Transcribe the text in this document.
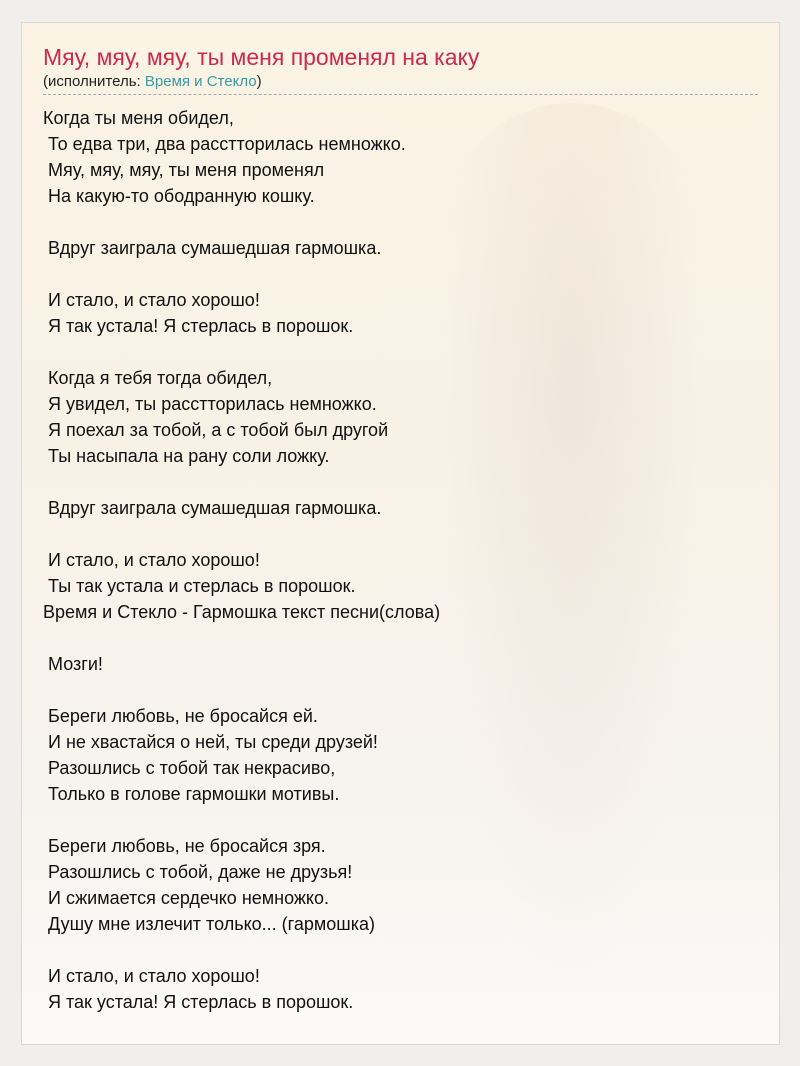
Мяу, мяу, мяу, ты меня променял на каку
(исполнитель: Время и Стекло)
Когда ты меня обидел,
То едва три, два расстторилась немножко.
Мяу, мяу, мяу, ты меня променял
На какую-то ободранную кошку.
Вдруг заиграла сумашедшая гармошка.
И стало, и стало хорошо!
Я так устала! Я стерлась в порошок.
Когда я тебя тогда обидел,
Я увидел, ты расстторилась немножко.
Я поехал за тобой, а с тобой был другой
Ты насыпала на рану соли ложку.
Вдруг заиграла сумашедшая гармошка.
И стало, и стало хорошо!
Ты так устала и стерлась в порошок.
Время и Стекло - Гармошка текст песни(слова)
Мозги!
Береги любовь, не бросайся ей.
И не хвастайся о ней, ты среди друзей!
Разошлись с тобой так некрасиво,
Только в голове гармошки мотивы.
Береги любовь, не бросайся зря.
Разошлись с тобой, даже не друзья!
И сжимается сердечко немножко.
Душу мне излечит только... (гармошка)
И стало, и стало хорошо!
Я так устала! Я стерлась в порошок.
